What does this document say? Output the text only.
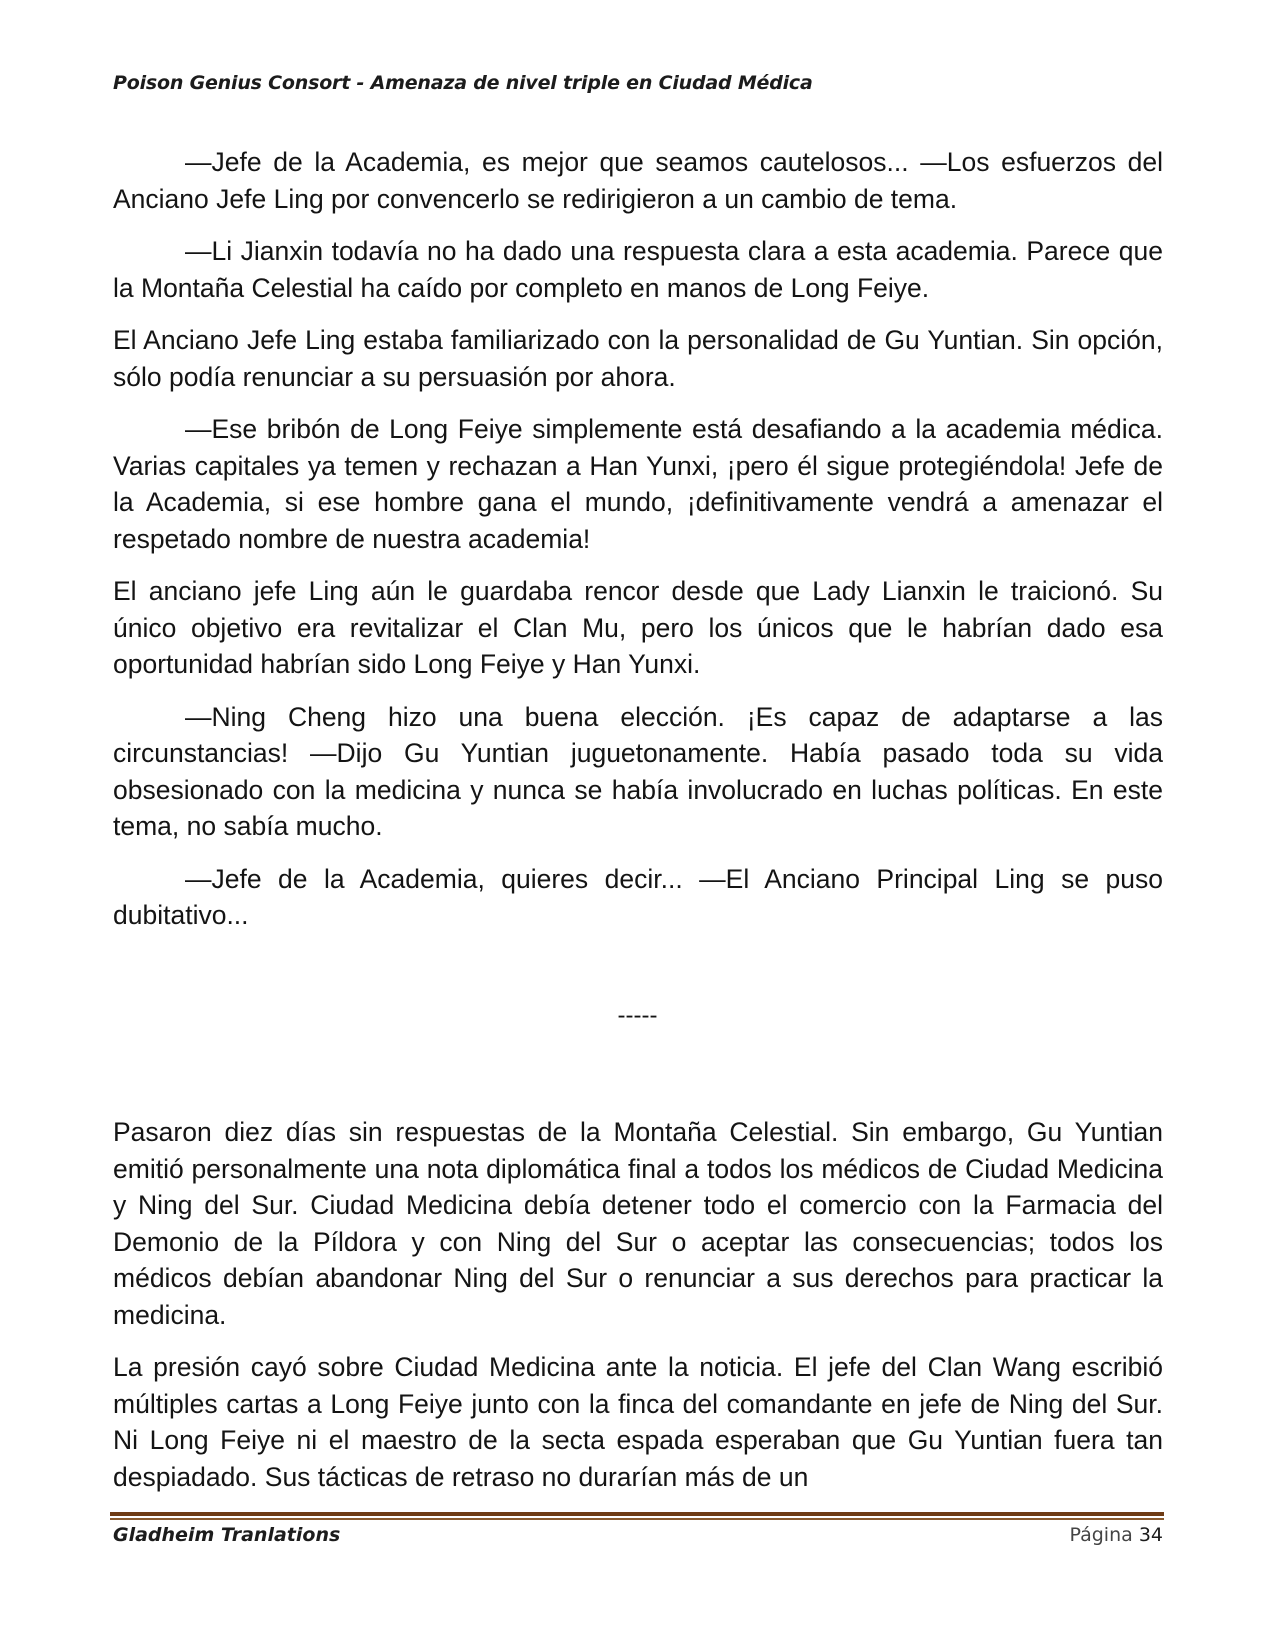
Poison Genius Consort - Amenaza de nivel triple en Ciudad Médica

—Jefe de la Academia, es mejor que seamos cautelosos... —Los esfuerzos del Anciano Jefe Ling por convencerlo se redirigieron a un cambio de tema.

—Li Jianxin todavía no ha dado una respuesta clara a esta academia. Parece que la Montaña Celestial ha caído por completo en manos de Long Feiye.

El Anciano Jefe Ling estaba familiarizado con la personalidad de Gu Yuntian. Sin opción, sólo podía renunciar a su persuasión por ahora.

—Ese bribón de Long Feiye simplemente está desafiando a la academia médica. Varias capitales ya temen y rechazan a Han Yunxi, ¡pero él sigue protegiéndola! Jefe de la Academia, si ese hombre gana el mundo, ¡definitivamente vendrá a amenazar el respetado nombre de nuestra academia!

El anciano jefe Ling aún le guardaba rencor desde que Lady Lianxin le traicionó. Su único objetivo era revitalizar el Clan Mu, pero los únicos que le habrían dado esa oportunidad habrían sido Long Feiye y Han Yunxi.

—Ning Cheng hizo una buena elección. ¡Es capaz de adaptarse a las circunstancias! —Dijo Gu Yuntian juguetonamente. Había pasado toda su vida obsesionado con la medicina y nunca se había involucrado en luchas políticas. En este tema, no sabía mucho.

—Jefe de la Academia, quieres decir... —El Anciano Principal Ling se puso dubitativo...

-----

Pasaron diez días sin respuestas de la Montaña Celestial. Sin embargo, Gu Yuntian emitió personalmente una nota diplomática final a todos los médicos de Ciudad Medicina y Ning del Sur. Ciudad Medicina debía detener todo el comercio con la Farmacia del Demonio de la Píldora y con Ning del Sur o aceptar las consecuencias; todos los médicos debían abandonar Ning del Sur o renunciar a sus derechos para practicar la medicina.

La presión cayó sobre Ciudad Medicina ante la noticia. El jefe del Clan Wang escribió múltiples cartas a Long Feiye junto con la finca del comandante en jefe de Ning del Sur. Ni Long Feiye ni el maestro de la secta espada esperaban que Gu Yuntian fuera tan despiadado. Sus tácticas de retraso no durarían más de un

Gladheim Tranlations	Página 34
